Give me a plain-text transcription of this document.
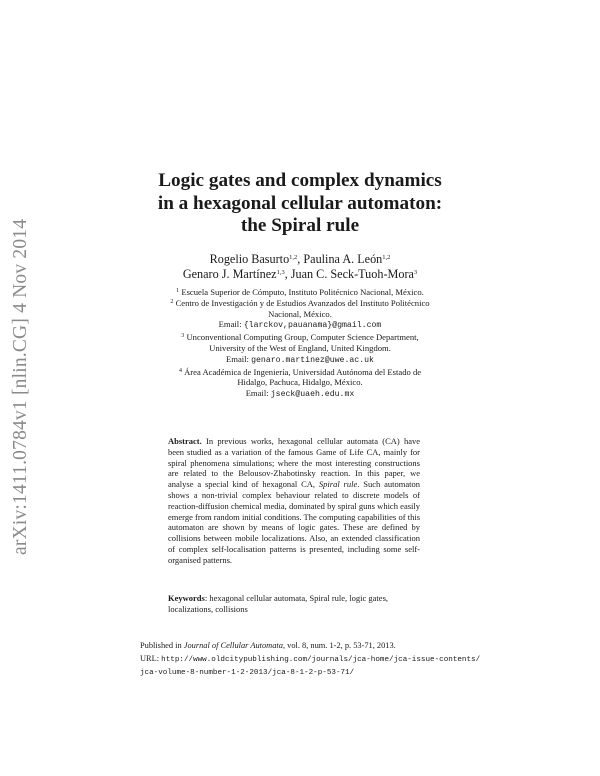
arXiv:1411.0784v1 [nlin.CG] 4 Nov 2014
Logic gates and complex dynamics
in a hexagonal cellular automaton:
the Spiral rule
Rogelio Basurto$^{1,2}$, Paulina A. León$^{1,2}$
Genaro J. Martínez$^{1,3}$, Juan C. Seck-Tuoh-Mora$^3$
$^1$ Escuela Superior de Cómputo, Instituto Politécnico Nacional, México.
$^2$ Centro de Investigación y de Estudios Avanzados del Instituto Politécnico
Nacional, México.
Email: {larckov,pauanama}@gmail.com
$^3$ Unconventional Computing Group, Computer Science Department,
University of the West of England, United Kingdom.
Email: genaro.martinez@uwe.ac.uk
$^4$ Área Académica de Ingeniería, Universidad Autónoma del Estado de
Hidalgo, Pachuca, Hidalgo, México.
Email: jseck@uaeh.edu.mx
Abstract. In previous works, hexagonal cellular automata (CA) have been studied as a variation of the famous Game of Life CA, mainly for spiral phenomena simulations; where the most interesting constructions are related to the Belousov-Zhabotinsky reaction. In this paper, we analyse a special kind of hexagonal CA, Spiral rule. Such automaton shows a non-trivial complex behaviour related to discrete models of reaction-diffusion chemical media, dominated by spiral guns which easily emerge from random initial conditions. The computing capabilities of this automaton are shown by means of logic gates. These are defined by collisions between mobile localizations. Also, an extended classification of complex self-localisation patterns is presented, including some self-organised patterns.
Keywords: hexagonal cellular automata, Spiral rule, logic gates, localizations, collisions
Published in Journal of Cellular Automata, vol. 8, num. 1-2, p. 53-71, 2013.
URL: http://www.oldcitypublishing.com/journals/jca-home/jca-issue-contents/
jca-volume-8-number-1-2-2013/jca-8-1-2-p-53-71/
